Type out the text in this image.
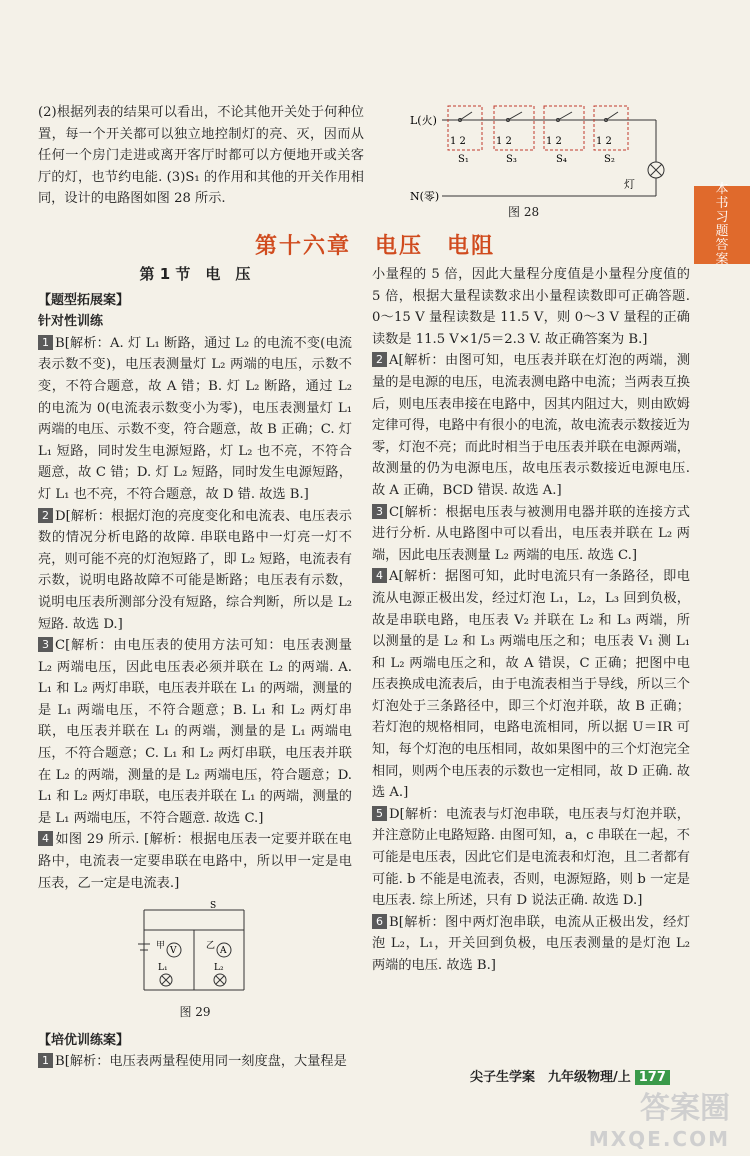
本
书
习
题
答
案
(2)根据列表的结果可以看出，不论其他开关处于何种位置，每一个开关都可以独立地控制灯的亮、灭，因而从任何一个房门走进或离开客厅时都可以方便地开或关客厅的灯，也节约电能. (3)S₁ 的作用和其他的开关作用相同，设计的电路图如图 28 所示.
L(火)
1 2	1 2	1 2	1 2
S₁	S₃	S₄	S₂
N(零)
灯
图 28
第十六章　电压　电阻
第 1 节　电　压
【题型拓展案】
针对性训练
1 B[解析：A. 灯 L₁ 断路，通过 L₂ 的电流不变(电流表示数不变)，电压表测量灯 L₂ 两端的电压，示数不变，不符合题意，故 A 错；B. 灯 L₂ 断路，通过 L₂ 的电流为 0(电流表示数变小为零)，电压表测量灯 L₁ 两端的电压、示数不变，符合题意，故 B 正确；C. 灯 L₁ 短路，同时发生电源短路，灯 L₂ 也不亮，不符合题意，故 C 错；D. 灯 L₂ 短路，同时发生电源短路，灯 L₁ 也不亮，不符合题意，故 D 错. 故选 B.]
2 D[解析：根据灯泡的亮度变化和电流表、电压表示数的情况分析电路的故障. 串联电路中一灯亮一灯不亮，则可能不亮的灯泡短路了，即 L₂ 短路，电流表有示数，说明电路故障不可能是断路；电压表有示数，说明电压表所测部分没有短路，综合判断，所以是 L₂ 短路. 故选 D.]
3 C[解析：由电压表的使用方法可知：电压表测量 L₂ 两端电压，因此电压表必须并联在 L₂ 的两端. A. L₁ 和 L₂ 两灯串联，电压表并联在 L₁ 的两端，测量的是 L₁ 两端电压，不符合题意；B. L₁ 和 L₂ 两灯串联，电压表并联在 L₁ 的两端，测量的是 L₁ 两端电压，不符合题意；C. L₁ 和 L₂ 两灯串联，电压表并联在 L₂ 的两端，测量的是 L₂ 两端电压，符合题意；D. L₁ 和 L₂ 两灯串联，电压表并联在 L₁ 的两端，测量的是 L₁ 两端电压，不符合题意. 故选 C.]
4 如图 29 所示. [解析：根据电压表一定要并联在电路中，电流表一定要串联在电路中，所以甲一定是电压表，乙一定是电流表.]
S
甲 V	乙 A
L₁	L₂
图 29
【培优训练案】
1 B[解析：电压表两量程使用同一刻度盘，大量程是
小量程的 5 倍，因此大量程分度值是小量程分度值的 5 倍，根据大量程读数求出小量程读数即可正确答题. 0～15 V 量程读数是 11.5 V，则 0～3 V 量程的正确读数是 11.5 V×1/5＝2.3 V. 故正确答案为 B.]
2 A[解析：由图可知，电压表并联在灯泡的两端，测量的是电源的电压，电流表测电路中电流；当两表互换后，则电压表串接在电路中，因其内阻过大，则由欧姆定律可得，电路中有很小的电流，故电流表示数接近为零，灯泡不亮；而此时相当于电压表并联在电源两端，故测量的仍为电源电压，故电压表示数接近电源电压. 故 A 正确，BCD 错误. 故选 A.]
3 C[解析：根据电压表与被测用电器并联的连接方式进行分析. 从电路图中可以看出，电压表并联在 L₂ 两端，因此电压表测量 L₂ 两端的电压. 故选 C.]
4 A[解析：据图可知，此时电流只有一条路径，即电流从电源正极出发，经过灯泡 L₁，L₂，L₃ 回到负极，故是串联电路，电压表 V₂ 并联在 L₂ 和 L₃ 两端，所以测量的是 L₂ 和 L₃ 两端电压之和；电压表 V₁ 测 L₁ 和 L₂ 两端电压之和，故 A 错误，C 正确；把图中电压表换成电流表后，由于电流表相当于导线，所以三个灯泡处于三条路径中，即三个灯泡并联，故 B 正确；若灯泡的规格相同，电路电流相同，所以据 U＝IR 可知，每个灯泡的电压相同，故如果图中的三个灯泡完全相同，则两个电压表的示数也一定相同，故 D 正确. 故选 A.]
5 D[解析：电流表与灯泡串联，电压表与灯泡并联，并注意防止电路短路. 由图可知，a，c 串联在一起，不可能是电压表，因此它们是电流表和灯泡，且二者都有可能. b 不能是电流表，否则，电源短路，则 b 一定是电压表. 综上所述，只有 D 说法正确. 故选 D.]
6 B[解析：图中两灯泡串联，电流从正极出发，经灯泡 L₂，L₁，开关回到负极，电压表测量的是灯泡 L₂ 两端的电压. 故选 B.]
尖子生学案　九年级物理/上 177
答案圈
MXQE.COM
